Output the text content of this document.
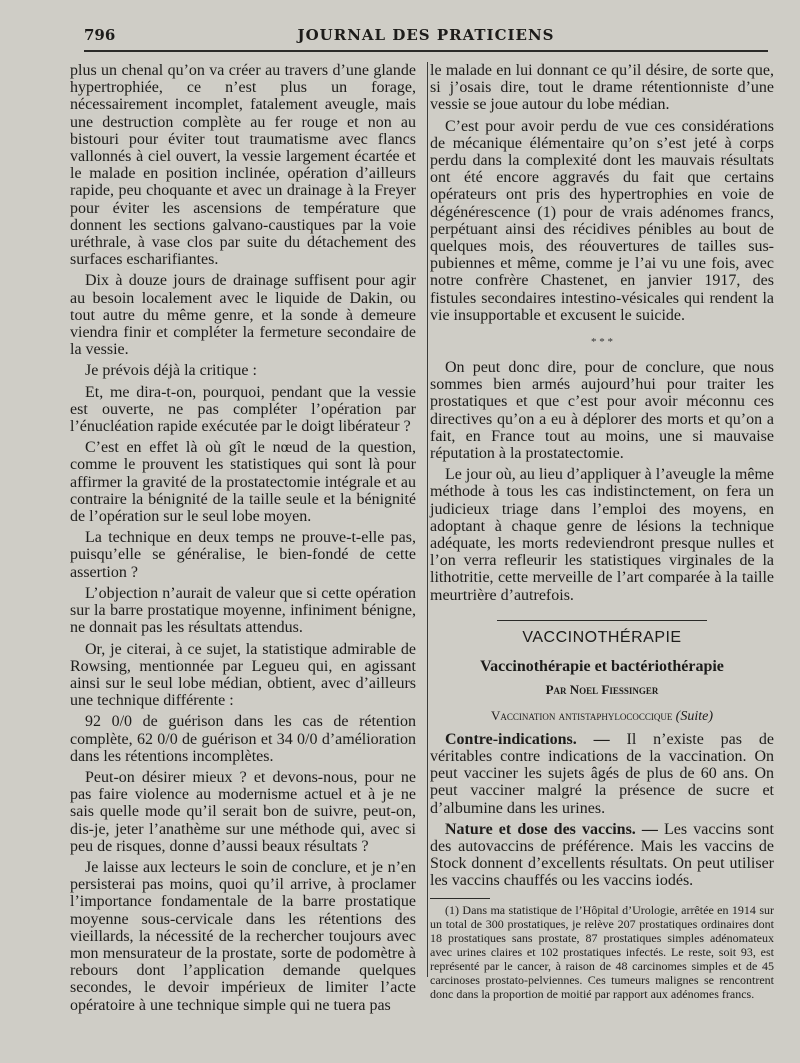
796	JOURNAL DES PRATICIENS

plus un chenal qu’on va créer au travers d’une glande hypertrophiée, ce n’est plus un forage, nécessairement incomplet, fatalement aveugle, mais une destruction complète au fer rouge et non au bistouri pour éviter tout traumatisme avec flancs vallonnés à ciel ouvert, la vessie largement écartée et le malade en position inclinée, opération d’ailleurs rapide, peu choquante et avec un drainage à la Freyer pour éviter les ascensions de température que donnent les sections galvano-caustiques par la voie uréthrale, à vase clos par suite du détachement des surfaces escharifiantes.

Dix à douze jours de drainage suffisent pour agir au besoin localement avec le liquide de Dakin, ou tout autre du même genre, et la sonde à demeure viendra finir et compléter la fermeture secondaire de la vessie.

Je prévois déjà la critique :

Et, me dira-t-on, pourquoi, pendant que la vessie est ouverte, ne pas compléter l’opération par l’énucléation rapide exécutée par le doigt libérateur ?

C’est en effet là où gît le nœud de la question, comme le prouvent les statistiques qui sont là pour affirmer la gravité de la prostatectomie intégrale et au contraire la bénignité de la taille seule et la bénignité de l’opération sur le seul lobe moyen.

La technique en deux temps ne prouve-t-elle pas, puisqu’elle se généralise, le bien-fondé de cette assertion ?

L’objection n’aurait de valeur que si cette opération sur la barre prostatique moyenne, infiniment bénigne, ne donnait pas les résultats attendus.

Or, je citerai, à ce sujet, la statistique admirable de Rowsing, mentionnée par Legueu qui, en agissant ainsi sur le seul lobe médian, obtient, avec d’ailleurs une technique différente :

92 0/0 de guérison dans les cas de rétention complète, 62 0/0 de guérison et 34 0/0 d’amélioration dans les rétentions incomplètes.

Peut-on désirer mieux ? et devons-nous, pour ne pas faire violence au modernisme actuel et à je ne sais quelle mode qu’il serait bon de suivre, peut-on, dis-je, jeter l’anathème sur une méthode qui, avec si peu de risques, donne d’aussi beaux résultats ?

Je laisse aux lecteurs le soin de conclure, et je n’en persisterai pas moins, quoi qu’il arrive, à proclamer l’importance fondamentale de la barre prostatique moyenne sous-cervicale dans les rétentions des vieillards, la nécessité de la rechercher toujours avec mon mensurateur de la prostate, sorte de podomètre à rebours dont l’application demande quelques secondes, le devoir impérieux de limiter l’acte opératoire à une technique simple qui ne tuera pas

le malade en lui donnant ce qu’il désire, de sorte que, si j’osais dire, tout le drame rétentionniste d’une vessie se joue autour du lobe médian.

C’est pour avoir perdu de vue ces considérations de mécanique élémentaire qu’on s’est jeté à corps perdu dans la complexité dont les mauvais résultats ont été encore aggravés du fait que certains opérateurs ont pris des hypertrophies en voie de dégénérescence (1) pour de vrais adénomes francs, perpétuant ainsi des récidives pénibles au bout de quelques mois, des réouvertures de tailles sus-pubiennes et même, comme je l’ai vu une fois, avec notre confrère Chastenet, en janvier 1917, des fistules secondaires intestino-vésicales qui rendent la vie insupportable et excusent le suicide.

* * *

On peut donc dire, pour de conclure, que nous sommes bien armés aujourd’hui pour traiter les prostatiques et que c’est pour avoir méconnu ces directives qu’on a eu à déplorer des morts et qu’on a fait, en France tout au moins, une si mauvaise réputation à la prostatectomie.

Le jour où, au lieu d’appliquer à l’aveugle la même méthode à tous les cas indistinctement, on fera un judicieux triage dans l’emploi des moyens, en adoptant à chaque genre de lésions la technique adéquate, les morts redeviendront presque nulles et l’on verra refleurir les statistiques virginales de la lithotritie, cette merveille de l’art comparée à la taille meurtrière d’autrefois.

VACCINOTHÉRAPIE
Vaccinothérapie et bactériothérapie
Par Noel Fiessinger
Vaccination antistaphylococcique (Suite)

Contre-indications. — Il n’existe pas de véritables contre indications de la vaccination. On peut vacciner les sujets âgés de plus de 60 ans. On peut vacciner malgré la présence de sucre et d’albumine dans les urines.

Nature et dose des vaccins. — Les vaccins sont des autovaccins de préférence. Mais les vaccins de Stock donnent d’excellents résultats. On peut utiliser les vaccins chauffés ou les vaccins iodés.

(1) Dans ma statistique de l’Hôpital d’Urologie, arrêtée en 1914 sur un total de 300 prostatiques, je relève 207 prostatiques ordinaires dont 18 prostatiques sans prostate, 87 prostatiques simples adénomateux avec urines claires et 102 prostatiques infectés. Le reste, soit 93, est représenté par le cancer, à raison de 48 carcinomes simples et de 45 carcinoses prostato-pelviennes. Ces tumeurs malignes se rencontrent donc dans la proportion de moitié par rapport aux adénomes francs.
